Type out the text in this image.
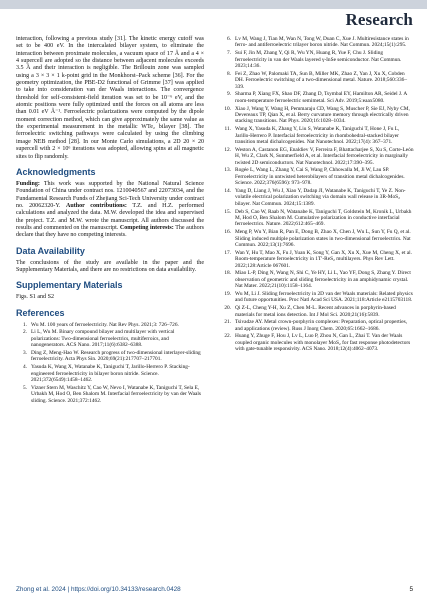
Research

interaction, following a previous study [31]. The kinetic energy cutoff was set to be 400 eV. In the intercalated bilayer system, to eliminate the interaction between proximate molecules, a vacuum space of 17 Å and a 4 × 4 supercell are adopted so the distance between adjacent molecules exceeds 3.5 Å and their interaction is negligible. The Brillouin zone was sampled using a 3 × 3 × 1 k-point grid in the Monkhorst–Pack scheme [36]. For the geometry optimization, the PBE-D2 functional of Grimme [37] was applied to take into consideration van der Waals interactions. The convergence threshold for self-consistent-field iteration was set to be 10⁻⁶ eV, and the atomic positions were fully optimized until the forces on all atoms are less than 0.01 eV Å⁻¹. Ferroelectric polarizations were computed by the dipole moment correction method, which can give approximately the same value as the experimental measurement in the metallic WTe₂ bilayer [38]. The ferroelectric switching pathways were calculated by using the climbing image NEB method [28]. In our Monte Carlo simulations, a 2D 20 × 20 supercell with 2 × 10⁶ iterations was adopted, allowing spins at all magnetic sites to flip randomly.

Acknowledgments

Funding: This work was supported by the National Natural Science Foundation of China under contract nos. 1210040567 and 22073034, and the Fundamental Research Funds of Zhejiang Sci-Tech University under contract no. 20062320-Y. Author contributions: T.Z. and H.Z. performed calculations and analyzed the data. M.W. developed the idea and supervised the project. T.Z. and M.W. wrote the manuscript. All authors discussed the results and commented on the manuscript. Competing interests: The authors declare that they have no competing interests.

Data Availability

The conclusions of the study are available in the paper and the Supplementary Materials, and there are no restrictions on data availability.

Supplementary Materials

Figs. S1 and S2

References
1. Wu M. 100 years of ferroelectricity. Nat Rev Phys. 2021;3: 726–726.
2. Li L, Wu M. Binary compound bilayer and multilayer with vertical polarizations: Two-dimensional ferroelectrics, multiferroics, and nanogenerators. ACS Nano. 2017;11(6):6382–6388.
3. Ding Z, Meng-Hao W. Research progress of two-dimensional interlayer-sliding ferroelectricity. Acta Phys Sin. 2020;69(21):217707–217701.
4. Yasuda K, Wang X, Watanabe K, Taniguchi T, Jarillo-Herrero P. Stacking-engineered ferroelectricity in bilayer boron nitride. Science. 2021;372(6549):1458–1462.
5. Vizner Stern M, Waschitz Y, Cao W, Nevo I, Watanabe K, Taniguchi T, Sela E, Urbakh M, Hod O, Ben Shalom M. Interfacial ferroelectricity by van der Waals sliding. Science. 2021;372:1462.
6. Lv M, Wang J, Tian M, Wan N, Tong W, Duan C, Xue J. Multiresistance states in ferro- and antiferroelectric trilayer boron nitride. Nat Commun. 2024;15(1):295.
7. Sui F, Jin M, Zhang Y, Qi R, Wu YN, Huang R, Yue F, Chu J. Sliding ferroelectricity in van der Waals layered γ-InSe semiconductor. Nat Commun. 2023;14:36.
8. Fei Z, Zhao W, Palomaki TA, Sun B, Miller MK, Zhao Z, Yan J, Xu X, Cobden DH. Ferroelectric switching of a two-dimensional metal. Nature. 2018;560:336–339.
9. Sharma P, Xiang FX, Shao DF, Zhang D, Tsymbal EY, Hamilton AR, Seidel J. A room-temperature ferroelectric semimetal. Sci Adv. 2019;5:eaax5080.
10. Xiao J, Wang Y, Wang H, Pemmaraju CD, Wang S, Muscher P, Sie EJ, Nyby CM, Devereaux TP, Qian X, et al. Berry curvature memory through electrically driven stacking transitions. Nat Phys. 2020;16:1028–1034.
11. Wang X, Yasuda K, Zhang Y, Liu S, Watanabe K, Taniguchi T, Hone J, Fu L, Jarillo-Herrero P. Interfacial ferroelectricity in rhombohedral-stacked bilayer transition metal dichalcogenides. Nat Nanotechnol. 2022;17(4): 367–371.
12. Weston A, Castanon EG, Enaldiev V, Ferreira F, Bhattacharjee S, Xu S, Corte-León H, Wu Z, Clark N, Summerfield A, et al. Interfacial ferroelectricity in marginally twisted 2D semiconductors. Nat Nanotechnol. 2022;17:390–395.
13. Rogée L, Wang L, Zhang Y, Cai S, Wang P, Chhowalla M, Ji W, Lau SP. Ferroelectricity in untwisted heterobilayers of transition metal dichalcogenides. Science. 2022;376(6596): 973–978.
14. Yang D, Liang J, Wu J, Xiao Y, Dadap JI, Watanabe K, Taniguchi T, Ye Z. Non-volatile electrical polarization switching via domain wall release in 3R-MoS₂ bilayer. Nat Commun. 2024;15:1389.
15. Deb S, Cao W, Raab N, Watanabe K, Taniguchi T, Goldstein M, Kronik L, Urbakh M, Hod O, Ben Shalom M. Cumulative polarization in conductive interfacial ferroelectrics. Nature. 2022;612:465–469.
16. Meng P, Wu Y, Bian R, Pan E, Dong B, Zhao X, Chen J, Wu L, Sun Y, Fu Q, et al. Sliding induced multiple polarization states in two-dimensional ferroelectrics. Nat Commun. 2022;13(1):7696.
17. Wan Y, Hu T, Mao X, Fu J, Yuan K, Song Y, Gan X, Xu X, Xue M, Cheng X, et al. Room-temperature ferroelectricity in 1T′-ReS₂ multilayers. Phys Rev Lett. 2022;128:Article 067601.
18. Miao L-P, Ding N, Wang N, Shi C, Ye HY, Li L, Yao YF, Dong S, Zhang Y. Direct observation of geometric and sliding ferroelectricity in an amphidynamic crystal. Nat Mater. 2022;21(10):1158–1164.
19. Wu M, Li J. Sliding ferroelectricity in 2D van der Waals materials: Related physics and future opportunities. Proc Natl Acad Sci USA. 2021;118:Article e2115703118.
20. Qi Z-L, Cheng Y-H, Xu Z, Chen M-L. Recent advances in porphyrin-based materials for metal ions detection. Int J Mol Sci. 2020;21(16):5839.
21. Tsivadze AY. Metal crown-porphyrin complexes: Preparation, optical properties, and applications (review). Russ J Inorg Chem. 2020;65:1662–1686.
22. Huang Y, Zhuge F, Hou J, Lv L, Luo P, Zhou N, Gan L, Zhai T. Van der Waals coupled organic molecules with monolayer MoS₂ for fast response photodetectors with gate-tunable responsivity. ACS Nano. 2018;12(4):4062–4073.
Zhong et al. 2024 | https://doi.org/10.34133/research.0428	5
